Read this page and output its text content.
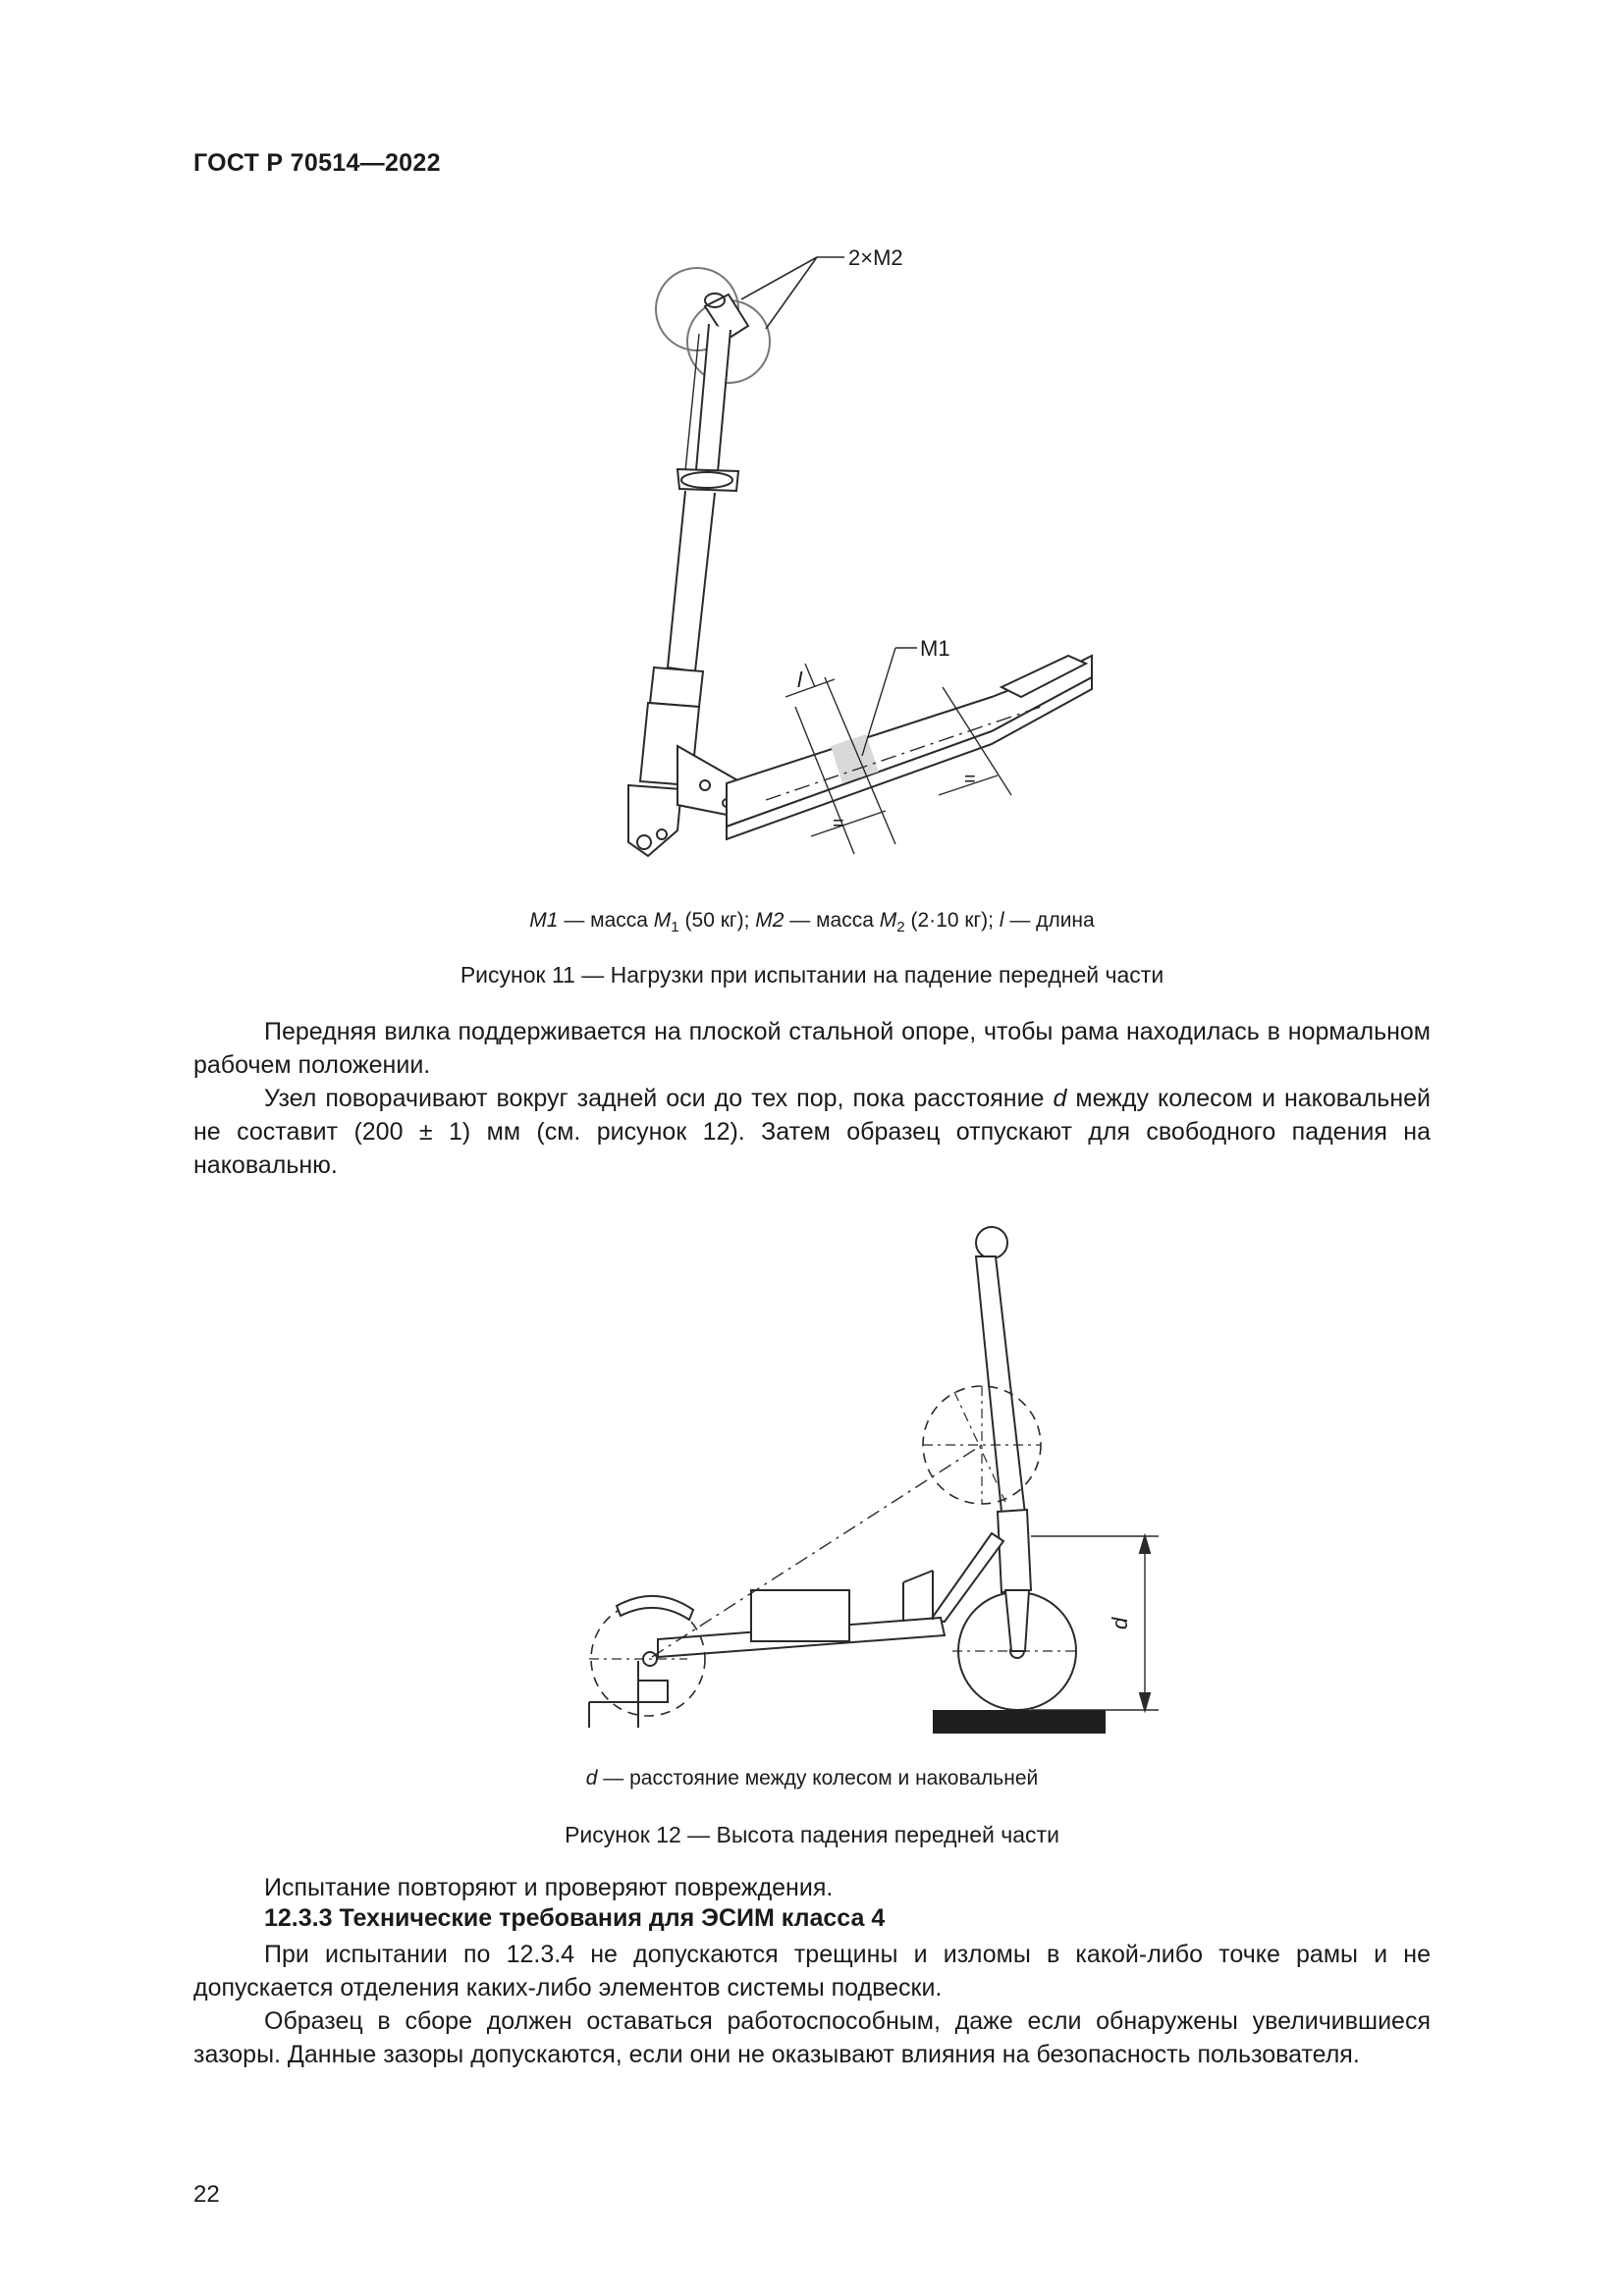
ГОСТ Р 70514—2022
2×M2
M1
l
=
=
M1 — масса $M_1$ (50 кг); M2 — масса $M_2$ (2·10 кг); l — длина
Рисунок 11 — Нагрузки при испытании на падение передней части
Передняя вилка поддерживается на плоской стальной опоре, чтобы рама находилась в нормальном рабочем положении.
Узел поворачивают вокруг задней оси до тех пор, пока расстояние d между колесом и наковальней не составит (200 ± 1) мм (см. рисунок 12). Затем образец отпускают для свободного падения на наковальню.
d
d — расстояние между колесом и наковальней
Рисунок 12 — Высота падения передней части
Испытание повторяют и проверяют повреждения.
12.3.3 Технические требования для ЭСИМ класса 4
При испытании по 12.3.4 не допускаются трещины и изломы в какой-либо точке рамы и не допускается отделения каких-либо элементов системы подвески.
Образец в сборе должен оставаться работоспособным, даже если обнаружены увеличившиеся зазоры. Данные зазоры допускаются, если они не оказывают влияния на безопасность пользователя.
22
